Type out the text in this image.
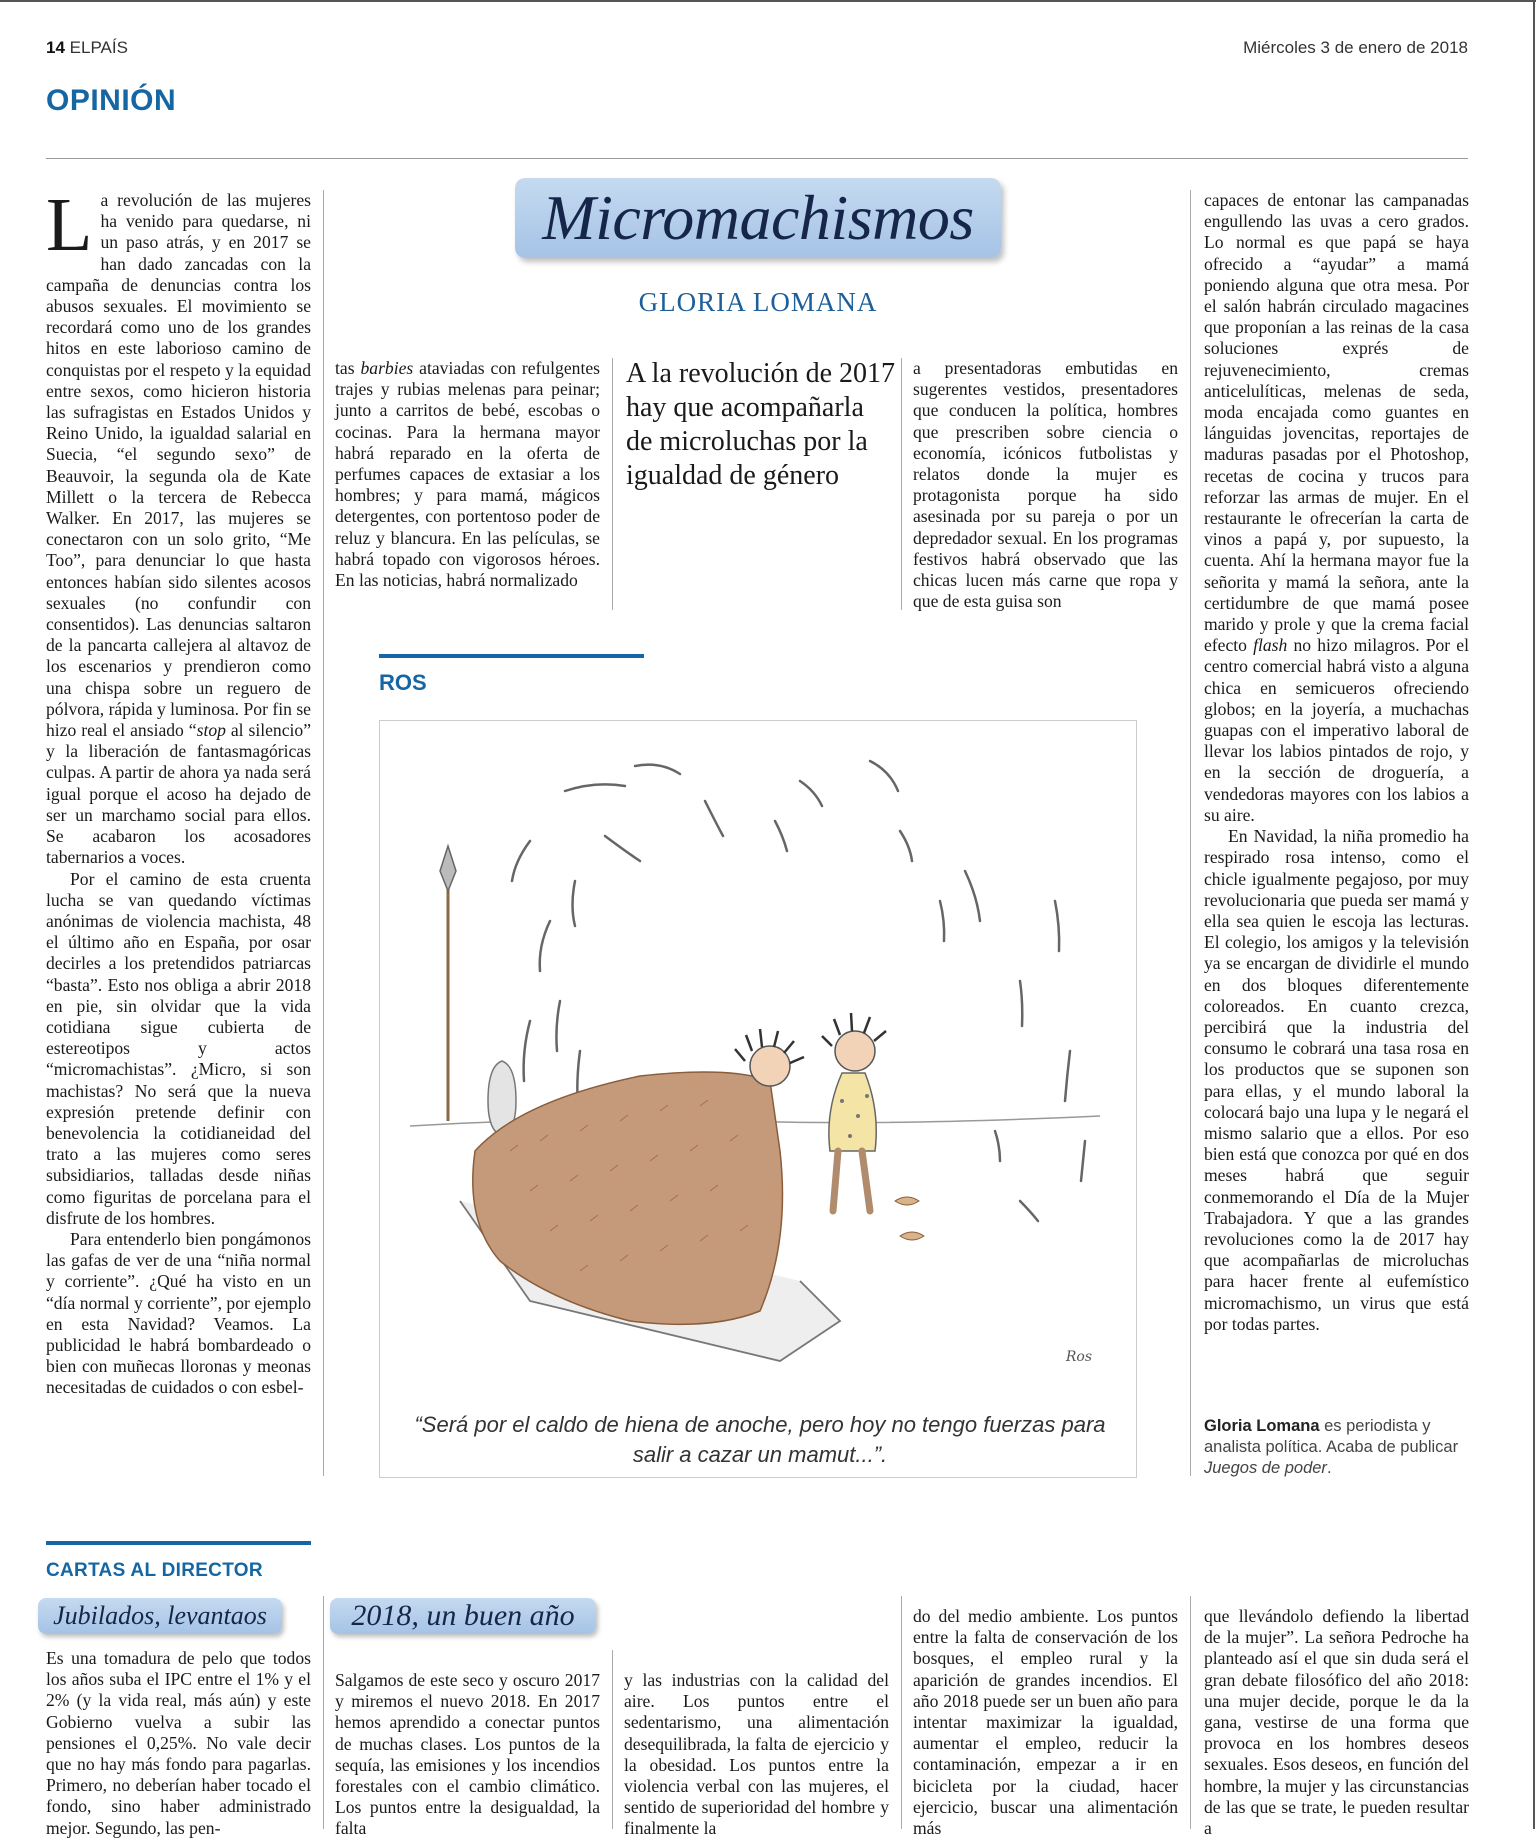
14 ELPAÍS	Miércoles 3 de enero de 2018
OPINIÓN

La revolución de las mujeres ha venido para quedarse, ni un paso atrás, y en 2017 se han dado zancadas con la campaña de denuncias contra los abusos sexuales. El movimiento se recordará como uno de los grandes hitos en este laborioso camino de conquistas por el respeto y la equidad entre sexos, como hicieron historia las sufragistas en Estados Unidos y Reino Unido, la igualdad salarial en Suecia, “el segundo sexo” de Beauvoir, la segunda ola de Kate Millett o la tercera de Rebecca Walker. En 2017, las mujeres se conectaron con un solo grito, “Me Too”, para denunciar lo que hasta entonces habían sido silentes acosos sexuales (no confundir con consentidos). Las denuncias saltaron de la pancarta callejera al altavoz de los escenarios y prendieron como una chispa sobre un reguero de pólvora, rápida y luminosa. Por fin se hizo real el ansiado “stop al silencio” y la liberación de fantasmagóricas culpas. A partir de ahora ya nada será igual porque el acoso ha dejado de ser un marchamo social para ellos. Se acabaron los acosadores tabernarios a voces.

Por el camino de esta cruenta lucha se van quedando víctimas anónimas de violencia machista, 48 el último año en España, por osar decirles a los pretendidos patriarcas “basta”. Esto nos obliga a abrir 2018 en pie, sin olvidar que la vida cotidiana sigue cubierta de estereotipos y actos “micromachistas”. ¿Micro, si son machistas? No será que la nueva expresión pretende definir con benevolencia la cotidianeidad del trato a las mujeres como seres subsidiarios, talladas desde niñas como figuritas de porcelana para el disfrute de los hombres.

Para entenderlo bien pongámonos las gafas de ver de una “niña normal y corriente”. ¿Qué ha visto en un “día normal y corriente”, por ejemplo en esta Navidad? Veamos. La publicidad le habrá bombardeado o bien con muñecas lloronas y meonas necesitadas de cuidados o con esbel-

Micromachismos
GLORIA LOMANA

tas barbies ataviadas con refulgentes trajes y rubias melenas para peinar; junto a carritos de bebé, escobas o cocinas. Para la hermana mayor habrá reparado en la oferta de perfumes capaces de extasiar a los hombres; y para mamá, mágicos detergentes, con portentoso poder de reluz y blancura. En las películas, se habrá topado con vigorosos héroes. En las noticias, habrá normalizado

A la revolución de 2017 hay que acompañarla de microluchas por la igualdad de género

a presentadoras embutidas en sugerentes vestidos, presentadores que conducen la política, hombres que prescriben sobre ciencia o economía, icónicos futbolistas y relatos donde la mujer es protagonista porque ha sido asesinada por su pareja o por un depredador sexual. En los programas festivos habrá observado que las chicas lucen más carne que ropa y que de esta guisa son

capaces de entonar las campanadas engullendo las uvas a cero grados. Lo normal es que papá se haya ofrecido a “ayudar” a mamá poniendo alguna que otra mesa. Por el salón habrán circulado magacines que proponían a las reinas de la casa soluciones exprés de rejuvenecimiento, cremas anticelulíticas, melenas de seda, moda encajada como guantes en lánguidas jovencitas, reportajes de maduras pasadas por el Photoshop, recetas de cocina y trucos para reforzar las armas de mujer. En el restaurante le ofrecerían la carta de vinos a papá y, por supuesto, la cuenta. Ahí la hermana mayor fue la señorita y mamá la señora, ante la certidumbre de que mamá posee marido y prole y que la crema facial efecto flash no hizo milagros. Por el centro comercial habrá visto a alguna chica en semicueros ofreciendo globos; en la joyería, a muchachas guapas con el imperativo laboral de llevar los labios pintados de rojo, y en la sección de droguería, a vendedoras mayores con los labios a su aire.

En Navidad, la niña promedio ha respirado rosa intenso, como el chicle igualmente pegajoso, por muy revolucionaria que pueda ser mamá y ella sea quien le escoja las lecturas. El colegio, los amigos y la televisión ya se encargan de dividirle el mundo en dos bloques diferentemente coloreados. En cuanto crezca, percibirá que la industria del consumo le cobrará una tasa rosa en los productos que se suponen son para ellas, y el mundo laboral la colocará bajo una lupa y le negará el mismo salario que a ellos. Por eso bien está que conozca por qué en dos meses habrá que seguir conmemorando el Día de la Mujer Trabajadora. Y que a las grandes revoluciones como la de 2017 hay que acompañarlas de microluchas para hacer frente al eufemístico micromachismo, un virus que está por todas partes.

Gloria Lomana es periodista y analista política. Acaba de publicar Juegos de poder.
ROS
Ros
“Será por el caldo de hiena de anoche, pero hoy no tengo fuerzas para salir a cazar un mamut...”.
CARTAS AL DIRECTOR
Jubilados, levantaos	2018, un buen año

Es una tomadura de pelo que todos los años suba el IPC entre el 1% y el 2% (y la vida real, más aún) y este Gobierno vuelva a subir las pensiones el 0,25%. No vale decir que no hay más fondo para pagarlas. Primero, no deberían haber tocado el fondo, sino haber administrado mejor. Segundo, las pen-

Salgamos de este seco y oscuro 2017 y miremos el nuevo 2018. En 2017 hemos aprendido a conectar puntos de muchas clases. Los puntos de la sequía, las emisiones y los incendios forestales con el cambio climático. Los puntos entre la desigualdad, la falta

y las industrias con la calidad del aire. Los puntos entre el sedentarismo, una alimentación desequilibrada, la falta de ejercicio y la obesidad. Los puntos entre la violencia verbal con las mujeres, el sentido de superioridad del hombre y finalmente la

do del medio ambiente. Los puntos entre la falta de conservación de los bosques, el empleo rural y la aparición de grandes incendios. El año 2018 puede ser un buen año para intentar maximizar la igualdad, aumentar el empleo, reducir la contaminación, empezar a ir en bicicleta por la ciudad, hacer ejercicio, buscar una alimentación más

que llevándolo defiendo la libertad de la mujer”. La señora Pedroche ha planteado así el que sin duda será el gran debate filosófico del año 2018: una mujer decide, porque le da la gana, vestirse de una forma que provoca en los hombres deseos sexuales. Esos deseos, en función del hombre, la mujer y las circunstancias de las que se trate, le pueden resultar a
